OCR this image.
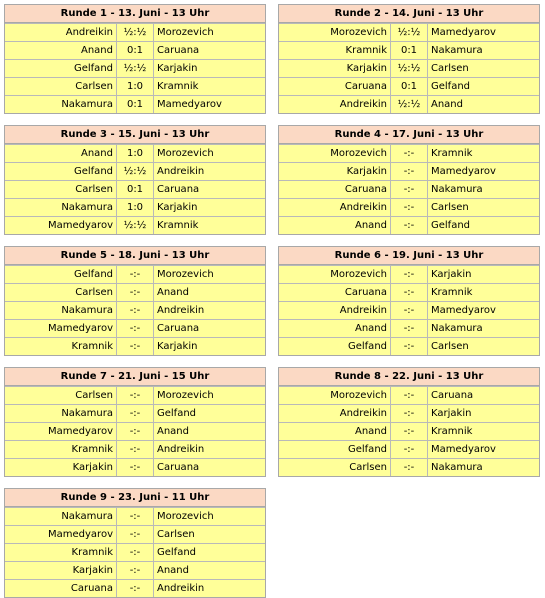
Runde 1 - 13. Juni - 13 Uhr
Andreikin	½:½	Morozevich
Anand	0:1	Caruana
Gelfand	½:½	Karjakin
Carlsen	1:0	Kramnik
Nakamura	0:1	Mamedyarov
Runde 2 - 14. Juni - 13 Uhr
Morozevich	½:½	Mamedyarov
Kramnik	0:1	Nakamura
Karjakin	½:½	Carlsen
Caruana	0:1	Gelfand
Andreikin	½:½	Anand
Runde 3 - 15. Juni - 13 Uhr
Anand	1:0	Morozevich
Gelfand	½:½	Andreikin
Carlsen	0:1	Caruana
Nakamura	1:0	Karjakin
Mamedyarov	½:½	Kramnik
Runde 4 - 17. Juni - 13 Uhr
Morozevich	-:-	Kramnik
Karjakin	-:-	Mamedyarov
Caruana	-:-	Nakamura
Andreikin	-:-	Carlsen
Anand	-:-	Gelfand
Runde 5 - 18. Juni - 13 Uhr
Gelfand	-:-	Morozevich
Carlsen	-:-	Anand
Nakamura	-:-	Andreikin
Mamedyarov	-:-	Caruana
Kramnik	-:-	Karjakin
Runde 6 - 19. Juni - 13 Uhr
Morozevich	-:-	Karjakin
Caruana	-:-	Kramnik
Andreikin	-:-	Mamedyarov
Anand	-:-	Nakamura
Gelfand	-:-	Carlsen
Runde 7 - 21. Juni - 15 Uhr
Carlsen	-:-	Morozevich
Nakamura	-:-	Gelfand
Mamedyarov	-:-	Anand
Kramnik	-:-	Andreikin
Karjakin	-:-	Caruana
Runde 8 - 22. Juni - 13 Uhr
Morozevich	-:-	Caruana
Andreikin	-:-	Karjakin
Anand	-:-	Kramnik
Gelfand	-:-	Mamedyarov
Carlsen	-:-	Nakamura
Runde 9 - 23. Juni - 11 Uhr
Nakamura	-:-	Morozevich
Mamedyarov	-:-	Carlsen
Kramnik	-:-	Gelfand
Karjakin	-:-	Anand
Caruana	-:-	Andreikin
